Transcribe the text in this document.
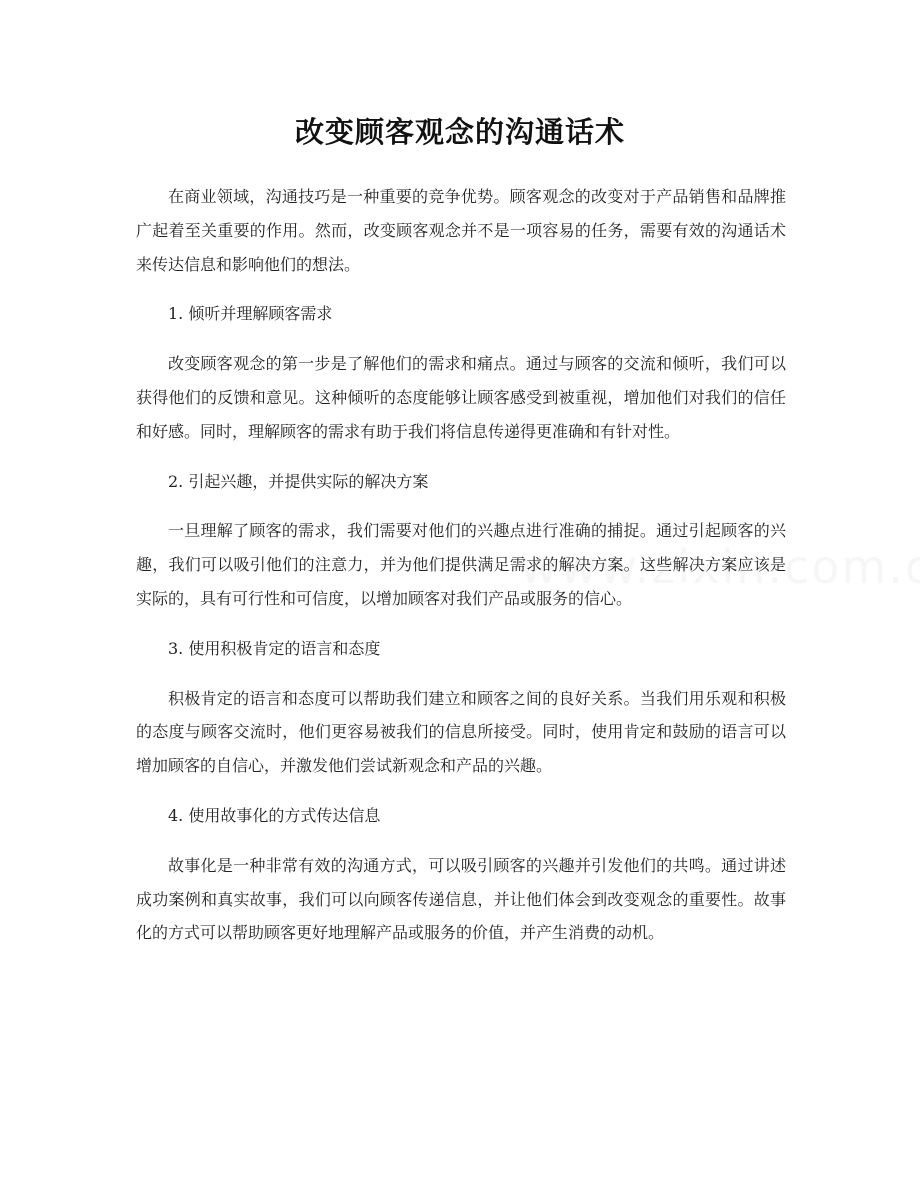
改变顾客观念的沟通话术

在商业领域，沟通技巧是一种重要的竞争优势。顾客观念的改变对于产品销售和品牌推广起着至关重要的作用。然而，改变顾客观念并不是一项容易的任务，需要有效的沟通话术来传达信息和影响他们的想法。

1. 倾听并理解顾客需求

改变顾客观念的第一步是了解他们的需求和痛点。通过与顾客的交流和倾听，我们可以获得他们的反馈和意见。这种倾听的态度能够让顾客感受到被重视，增加他们对我们的信任和好感。同时，理解顾客的需求有助于我们将信息传递得更准确和有针对性。

2. 引起兴趣，并提供实际的解决方案

一旦理解了顾客的需求，我们需要对他们的兴趣点进行准确的捕捉。通过引起顾客的兴趣，我们可以吸引他们的注意力，并为他们提供满足需求的解决方案。这些解决方案应该是实际的，具有可行性和可信度，以增加顾客对我们产品或服务的信心。

3. 使用积极肯定的语言和态度

积极肯定的语言和态度可以帮助我们建立和顾客之间的良好关系。当我们用乐观和积极的态度与顾客交流时，他们更容易被我们的信息所接受。同时，使用肯定和鼓励的语言可以增加顾客的自信心，并激发他们尝试新观念和产品的兴趣。

4. 使用故事化的方式传达信息

故事化是一种非常有效的沟通方式，可以吸引顾客的兴趣并引发他们的共鸣。通过讲述成功案例和真实故事，我们可以向顾客传递信息，并让他们体会到改变观念的重要性。故事化的方式可以帮助顾客更好地理解产品或服务的价值，并产生消费的动机。
